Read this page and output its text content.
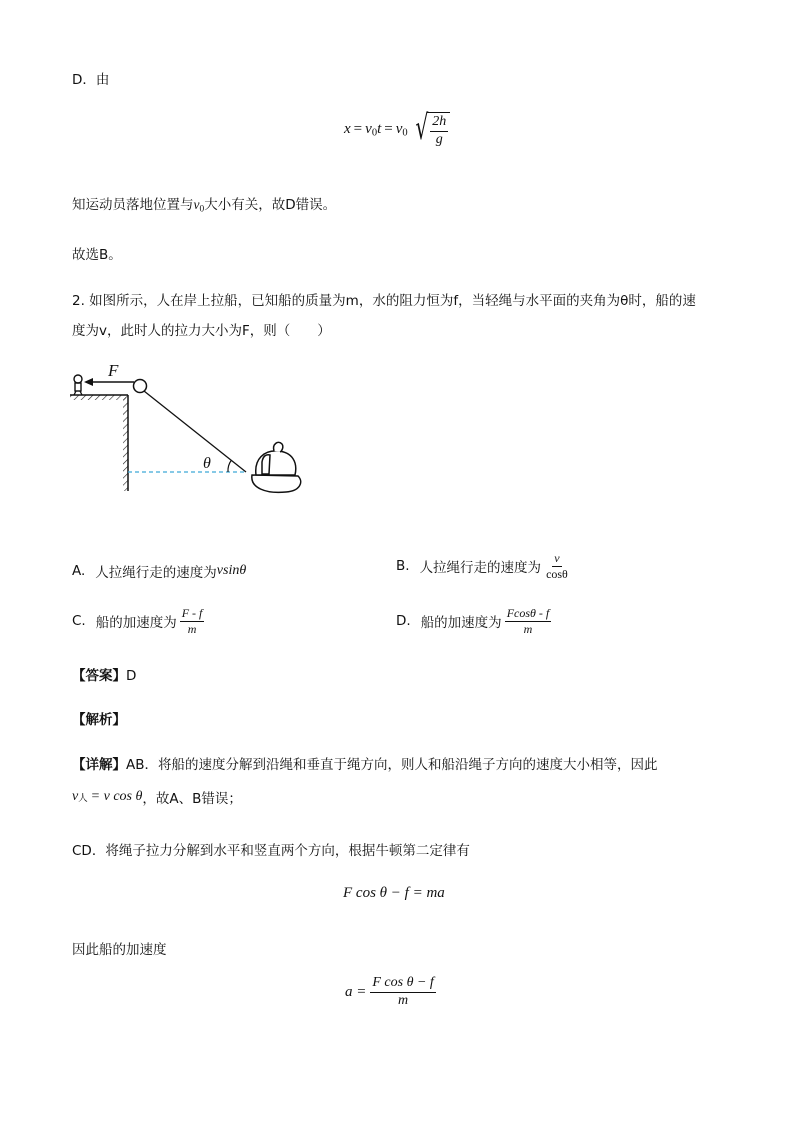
D．由
$x = v_0t = v_0$ √ $\frac{2h}{g}$
知运动员落地位置与$v_0$大小有关，故D错误。
故选B。
2. 如图所示，人在岸上拉船，已知船的质量为m，水的阻力恒为f，当轻绳与水平面的夹角为θ时，船的速
度为v，此时人的拉力大小为F，则（　　）
F
θ
A. 人拉绳行走的速度为 vsinθ	B. 人拉绳行走的速度为 $\frac{v}{\cos\theta}$
C. 船的加速度为 $\frac{F - f}{m}$	D. 船的加速度为 $\frac{Fcos\theta - f}{m}$
【答案】D
【解析】
【详解】AB．将船的速度分解到沿绳和垂直于绳方向，则人和船沿绳子方向的速度大小相等，因此
v 人 = v cos θ ，故A、B错误；
CD．将绳子拉力分解到水平和竖直两个方向，根据牛顿第二定律有
F cos θ − f = ma
因此船的加速度
$a = \frac{\text{F cos θ − f}}{m}$
